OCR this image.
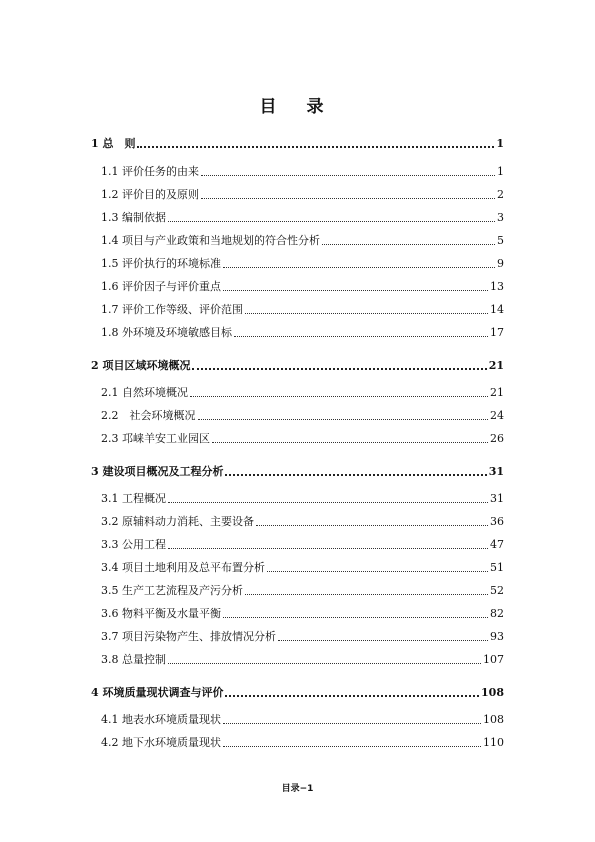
目 录
1 总　则	1
1.1 评价任务的由来	1
1.2 评价目的及原则	2
1.3 编制依据	3
1.4 项目与产业政策和当地规划的符合性分析	5
1.5 评价执行的环境标准	9
1.6 评价因子与评价重点	13
1.7 评价工作等级、评价范围	14
1.8 外环境及环境敏感目标	17
2 项目区域环境概况	21
2.1 自然环境概况	21
2.2　社会环境概况	24
2.3 邛崃羊安工业园区	26
3 建设项目概况及工程分析	31
3.1 工程概况	31
3.2 原辅料动力消耗、主要设备	36
3.3 公用工程	47
3.4 项目土地利用及总平布置分析	51
3.5 生产工艺流程及产污分析	52
3.6 物料平衡及水量平衡	82
3.7 项目污染物产生、排放情况分析	93
3.8 总量控制	107
4 环境质量现状调查与评价	108
4.1 地表水环境质量现状	108
4.2 地下水环境质量现状	110
目录−1
